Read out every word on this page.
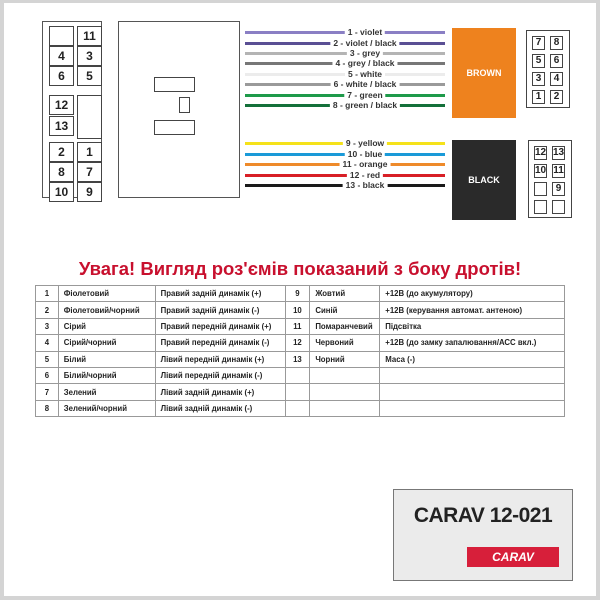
11
4	3
6	5
12
13
2	1
8	7
10	9
1 - violet
2 - violet / black
3 - grey
4 - grey / black
5 - white
6 - white / black
7 - green
8 - green / black
9 - yellow
10 - blue
11 - orange
12 - red
13 - black
BROWN
BLACK
7	8
5	6
3	4
1	2
12 13
10 11
9
Увага! Вигляд роз'ємів показаний з боку дротів!
1	Фіолетовий	Правий задній динамік (+)	9	Жовтий	+12В (до акумулятору)
2	Фіолетовий/чорний	Правий задній динамік (-)	10	Синій	+12В (керування автомат. антеною)
3	Сірий	Правий передній динамік (+)	11	Помаранчевий	Підсвітка
4	Сірий/чорний	Правий передній динамік (-)	12	Червоний	+12В (до замку запалювання/АСС вкл.)
5	Білий	Лівий передній динамік (+)	13	Чорний	Маса (-)
6	Білий/чорний	Лівий передній динамік (-)			
7	Зелений	Лівий задній динамік (+)			
8	Зелений/чорний	Лівий задній динамік (-)			
CARAV 12-021
CARAV
